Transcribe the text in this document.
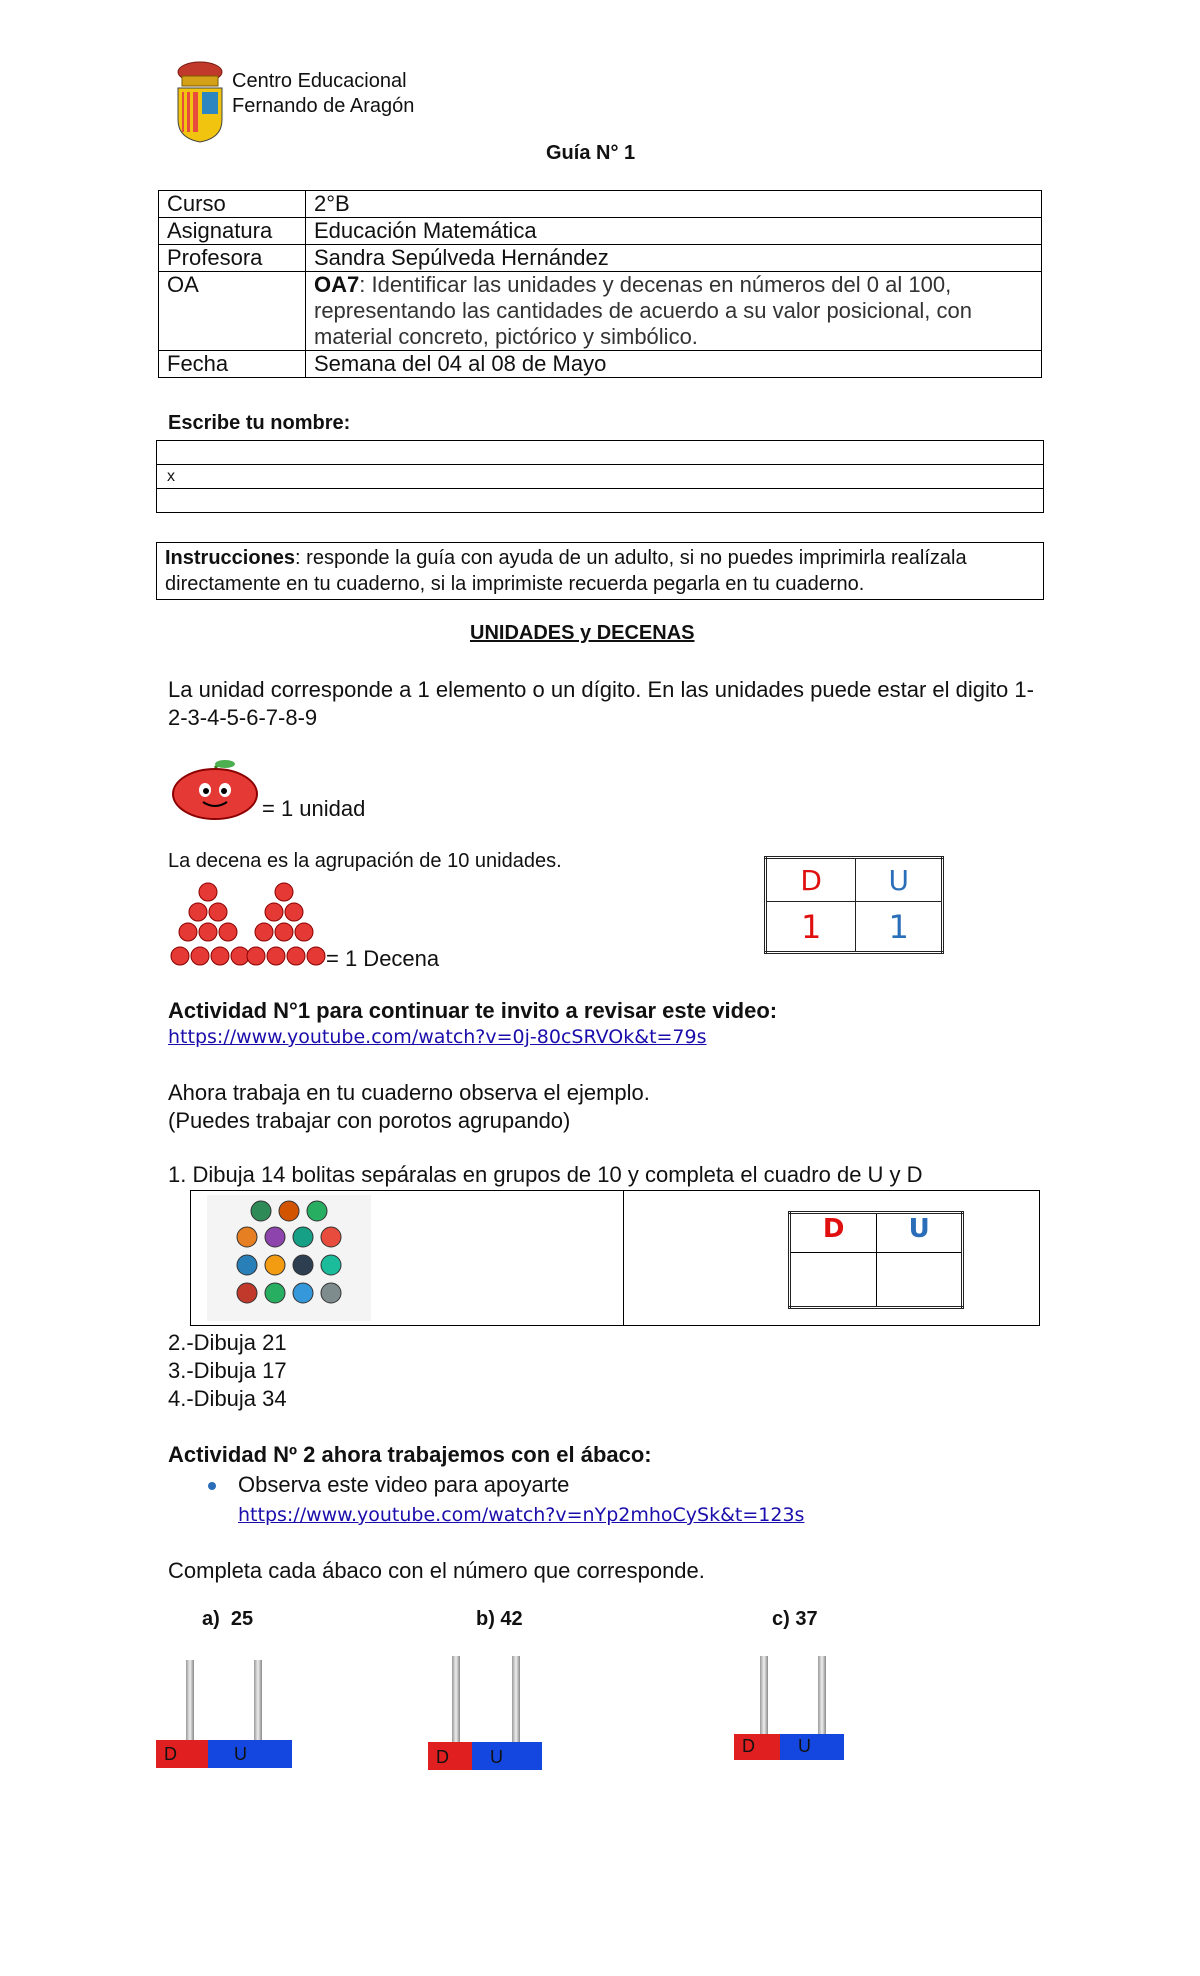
Centro Educacional
Fernando de Aragón
Guía N° 1
Curso	2°B
Asignatura	Educación Matemática
Profesora	Sandra Sepúlveda Hernández
OA	OA7: Identificar las unidades y decenas en números del 0 al 100, representando las cantidades de acuerdo a su valor posicional, con material concreto, pictórico y simbólico.
Fecha	Semana del 04 al 08 de Mayo
Escribe tu nombre:

x

Instrucciones: responde la guía con ayuda de un adulto, si no puedes imprimirla realízala directamente en tu cuaderno, si la imprimiste recuerda pegarla en tu cuaderno.
UNIDADES y DECENAS
La unidad corresponde a 1 elemento o un dígito. En las unidades puede estar el digito 1-2-3-4-5-6-7-8-9
= 1 unidad
La decena es la agrupación de 10 unidades.
= 1 Decena
D	U
1	1
Actividad N°1 para continuar te invito a revisar este video:
https://www.youtube.com/watch?v=0j-80cSRVOk&t=79s
Ahora trabaja en tu cuaderno observa el ejemplo.
(Puedes trabajar con porotos agrupando)
1. Dibuja 14 bolitas sepáralas en grupos de 10 y completa el cuadro de U y D

D	U

2.-Dibuja 21
3.-Dibuja 17
4.-Dibuja 34
Actividad Nº 2 ahora trabajemos con el ábaco:
Observa este video para apoyarte
https://www.youtube.com/watch?v=nYp2mhoCySk&t=123s
Completa cada ábaco con el número que corresponde.
a) 25	b) 42	c) 37
D	U	D	U
D	U
